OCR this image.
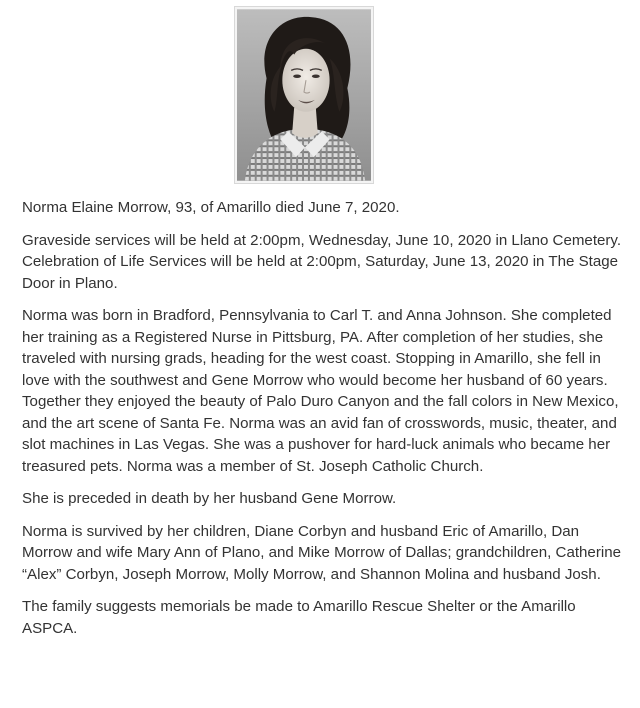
Norma Elaine Morrow, 93, of Amarillo died June 7, 2020.

Graveside services will be held at 2:00pm, Wednesday, June 10, 2020 in Llano Cemetery. Celebration of Life Services will be held at 2:00pm, Saturday, June 13, 2020 in The Stage Door in Plano.

Norma was born in Bradford, Pennsylvania to Carl T. and Anna Johnson. She completed her training as a Registered Nurse in Pittsburg, PA. After completion of her studies, she traveled with nursing grads, heading for the west coast. Stopping in Amarillo, she fell in love with the southwest and Gene Morrow who would become her husband of 60 years. Together they enjoyed the beauty of Palo Duro Canyon and the fall colors in New Mexico, and the art scene of Santa Fe. Norma was an avid fan of crosswords, music, theater, and slot machines in Las Vegas. She was a pushover for hard-luck animals who became her treasured pets. Norma was a member of St. Joseph Catholic Church.

She is preceded in death by her husband Gene Morrow.

Norma is survived by her children, Diane Corbyn and husband Eric of Amarillo, Dan Morrow and wife Mary Ann of Plano, and Mike Morrow of Dallas; grandchildren, Catherine “Alex” Corbyn, Joseph Morrow, Molly Morrow, and Shannon Molina and husband Josh.

The family suggests memorials be made to Amarillo Rescue Shelter or the Amarillo ASPCA.
